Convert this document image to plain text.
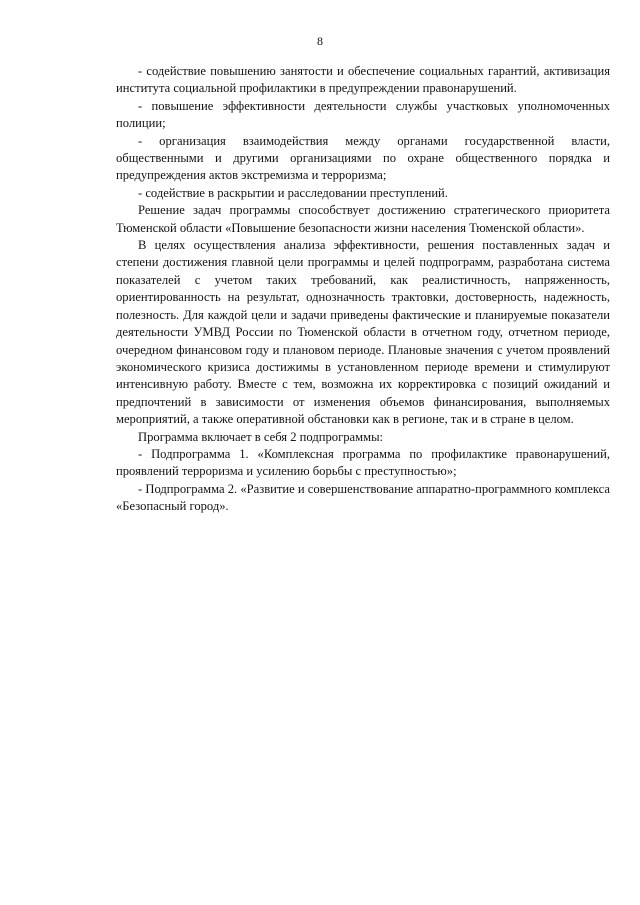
8

- содействие повышению занятости и обеспечение социальных гарантий, активизация института социальной профилактики в предупреждении правонарушений.

- повышение эффективности деятельности службы участковых уполномоченных полиции;

- организация взаимодействия между органами государственной власти, общественными и другими организациями по охране общественного порядка и предупреждения актов экстремизма и терроризма;

- содействие в раскрытии и расследовании преступлений.

Решение задач программы способствует достижению стратегического приоритета Тюменской области «Повышение безопасности жизни населения Тюменской области».

В целях осуществления анализа эффективности, решения поставленных задач и степени достижения главной цели программы и целей подпрограмм, разработана система показателей с учетом таких требований, как реалистичность, напряженность, ориентированность на результат, однозначность трактовки, достоверность, надежность, полезность. Для каждой цели и задачи приведены фактические и планируемые показатели деятельности УМВД России по Тюменской области в отчетном году, отчетном периоде, очередном финансовом году и плановом периоде. Плановые значения с учетом проявлений экономического кризиса достижимы в установленном периоде времени и стимулируют интенсивную работу. Вместе с тем, возможна их корректировка с позиций ожиданий и предпочтений в зависимости от изменения объемов финансирования, выполняемых мероприятий, а также оперативной обстановки как в регионе, так и в стране в целом.

Программа включает в себя 2 подпрограммы:

- Подпрограмма 1. «Комплексная программа по профилактике правонарушений, проявлений терроризма и усилению борьбы с преступностью»;

- Подпрограмма 2. «Развитие и совершенствование аппаратно-программного комплекса «Безопасный город».
